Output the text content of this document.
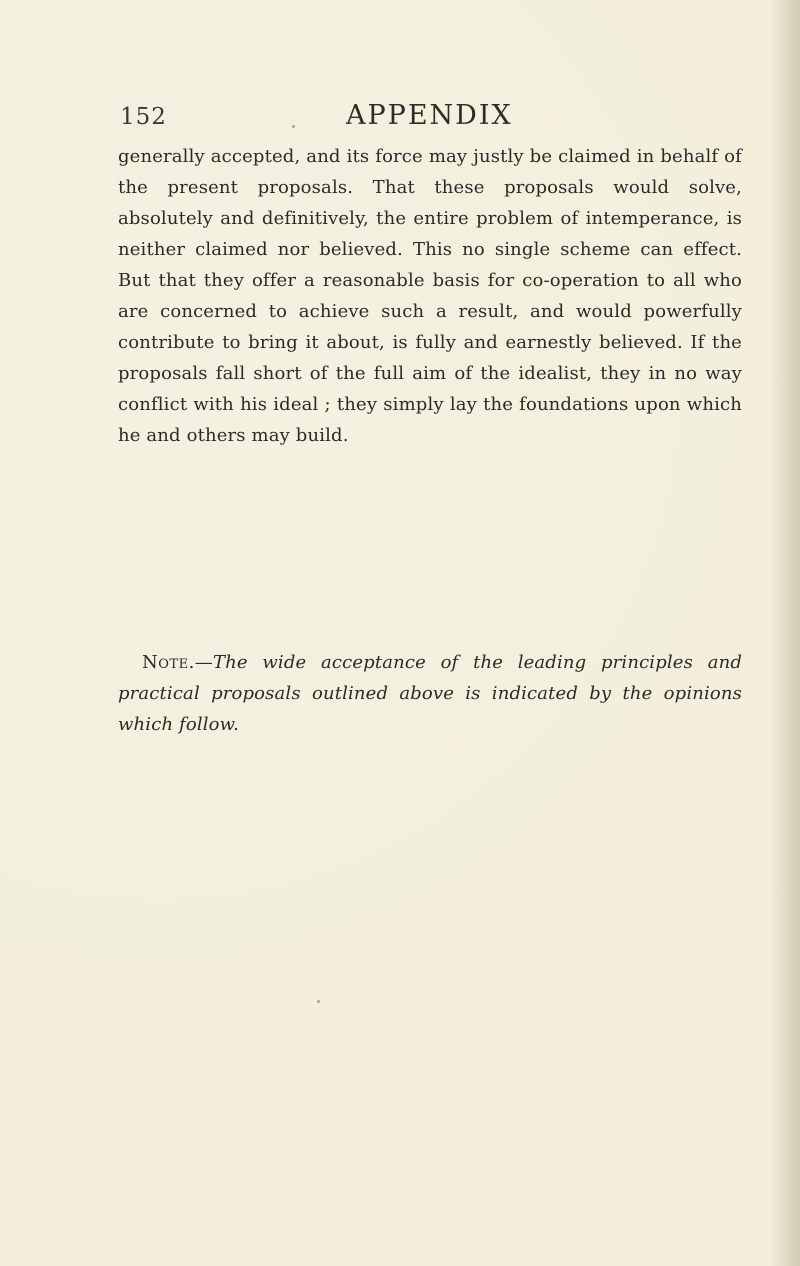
152	APPENDIX

generally accepted, and its force may justly be claimed in behalf of the present proposals. That these proposals would solve, absolutely and definitively, the entire problem of intemperance, is neither claimed nor believed. This no single scheme can effect. But that they offer a reasonable basis for co-operation to all who are concerned to achieve such a result, and would powerfully contribute to bring it about, is fully and earnestly believed. If the proposals fall short of the full aim of the idealist, they in no way conflict with his ideal ; they simply lay the foundations upon which he and others may build.

Note.—The wide acceptance of the leading principles and practical proposals outlined above is indicated by the opinions which follow.
